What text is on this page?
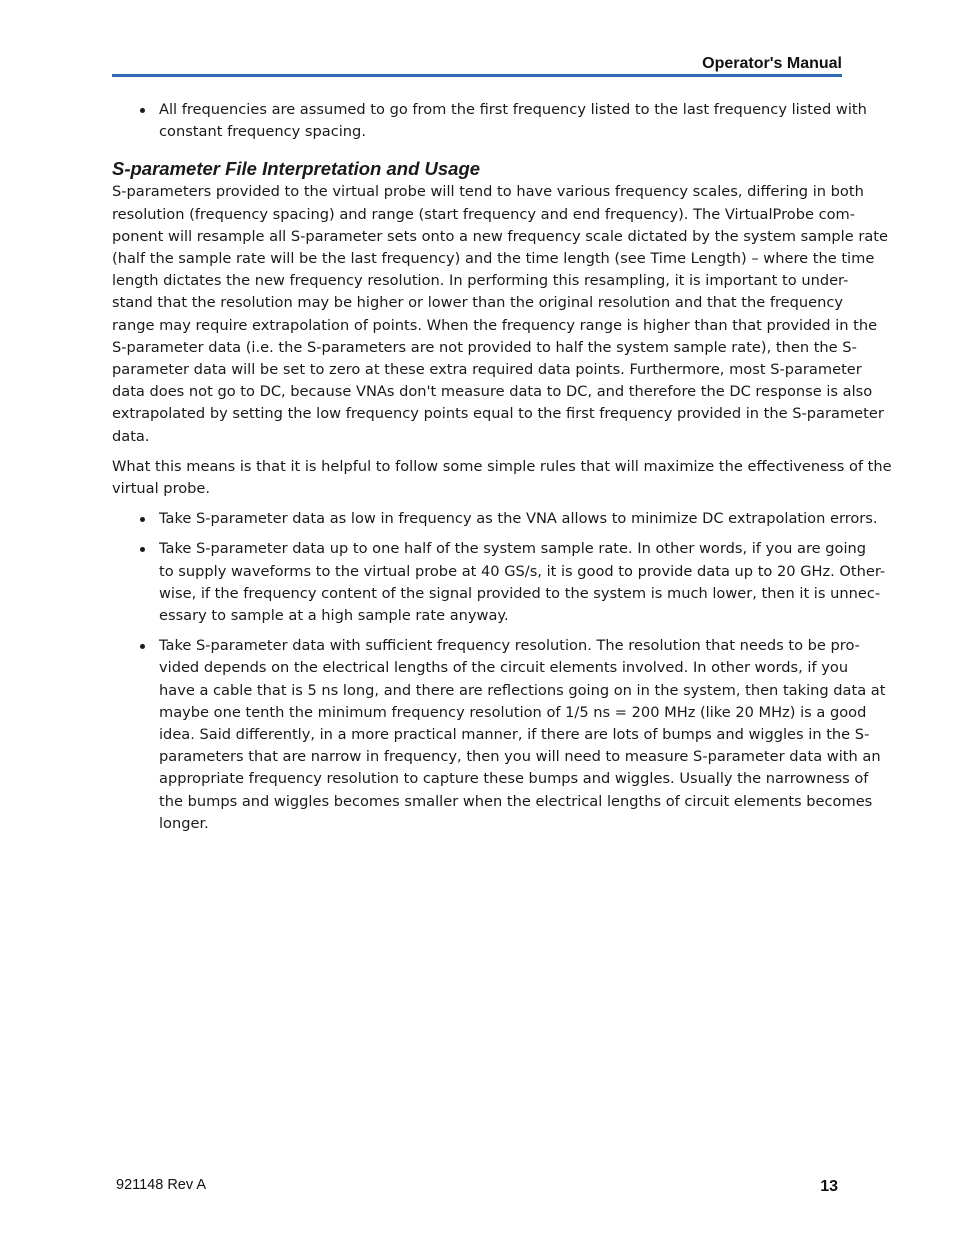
Operator's Manual
All frequencies are assumed to go from the first frequency listed to the last frequency listed with
constant frequency spacing.
S-parameter File Interpretation and Usage

S-parameters provided to the virtual probe will tend to have various frequency scales, differing in both
resolution (frequency spacing) and range (start frequency and end frequency). The VirtualProbe com-
ponent will resample all S-parameter sets onto a new frequency scale dictated by the system sample rate
(half the sample rate will be the last frequency) and the time length (see Time Length) – where the time
length dictates the new frequency resolution. In performing this resampling, it is important to under-
stand that the resolution may be higher or lower than the original resolution and that the frequency
range may require extrapolation of points. When the frequency range is higher than that provided in the
S-parameter data (i.e. the S-parameters are not provided to half the system sample rate), then the S-
parameter data will be set to zero at these extra required data points. Furthermore, most S-parameter
data does not go to DC, because VNAs don't measure data to DC, and therefore the DC response is also
extrapolated by setting the low frequency points equal to the first frequency provided in the S-parameter
data.

What this means is that it is helpful to follow some simple rules that will maximize the effectiveness of the
virtual probe.

Take S-parameter data as low in frequency as the VNA allows to minimize DC extrapolation errors.
Take S-parameter data up to one half of the system sample rate. In other words, if you are going
to supply waveforms to the virtual probe at 40 GS/s, it is good to provide data up to 20 GHz. Other-
wise, if the frequency content of the signal provided to the system is much lower, then it is unnec-
essary to sample at a high sample rate anyway.
Take S-parameter data with sufficient frequency resolution. The resolution that needs to be pro-
vided depends on the electrical lengths of the circuit elements involved. In other words, if you
have a cable that is 5 ns long, and there are reflections going on in the system, then taking data at
maybe one tenth the minimum frequency resolution of 1/5 ns = 200 MHz (like 20 MHz) is a good
idea. Said differently, in a more practical manner, if there are lots of bumps and wiggles in the S-
parameters that are narrow in frequency, then you will need to measure S-parameter data with an
appropriate frequency resolution to capture these bumps and wiggles. Usually the narrowness of
the bumps and wiggles becomes smaller when the electrical lengths of circuit elements becomes
longer.
921148 Rev A	13
